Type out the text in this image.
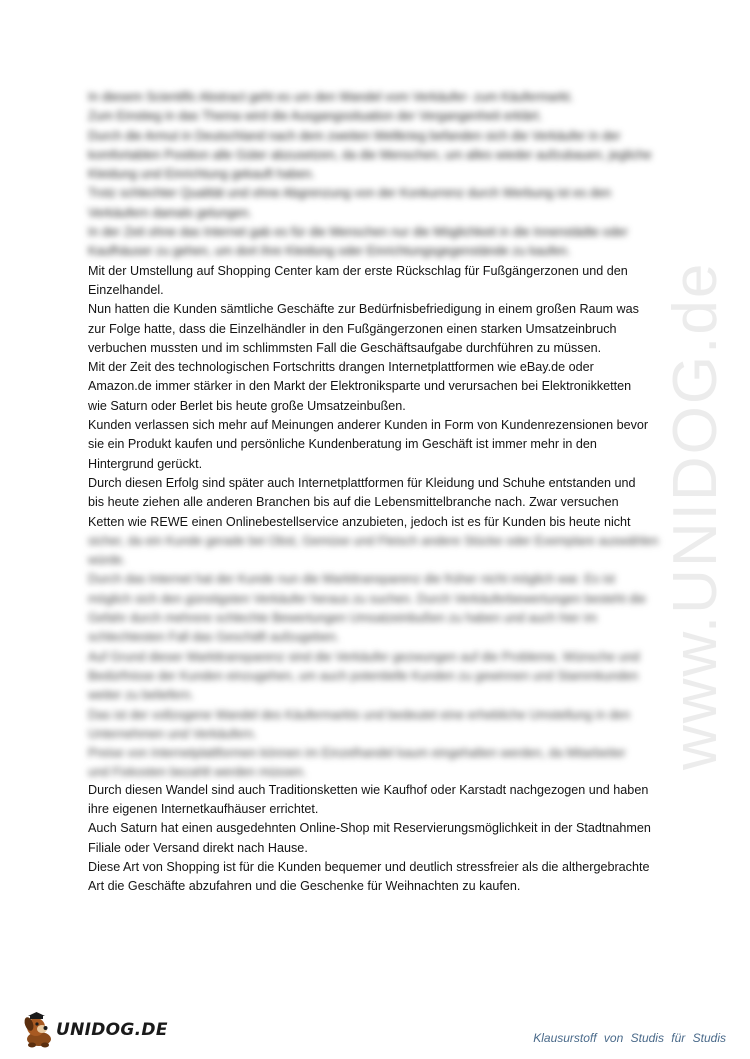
www.UNIDOG.de
In diesem Scientific Abstract geht es um den Wandel vom Verkäufer- zum Käufermarkt.
Zum Einstieg in das Thema wird die Ausgangssituation der Vergangenheit erklärt.
Durch die Armut in Deutschland nach dem zweiten Weltkrieg befanden sich die Verkäufer in der
komfortablen Position alle Güter abzusetzen, da die Menschen, um alles wieder aufzubauen, jegliche
Kleidung und Einrichtung gekauft haben.
Trotz schlechter Qualität und ohne Abgrenzung von der Konkurrenz durch Werbung ist es den
Verkäufern damals gelungen.
In der Zeit ohne das Internet gab es für die Menschen nur die Möglichkeit in die Innenstädte oder
Kaufhäuser zu gehen, um dort ihre Kleidung oder Einrichtungsgegenstände zu kaufen.
Mit der Umstellung auf Shopping Center kam der erste Rückschlag für Fußgängerzonen und den
Einzelhandel.
Nun hatten die Kunden sämtliche Geschäfte zur Bedürfnisbefriedigung in einem großen Raum was
zur Folge hatte, dass die Einzelhändler in den Fußgängerzonen einen starken Umsatzeinbruch
verbuchen mussten und im schlimmsten Fall die Geschäftsaufgabe durchführen zu müssen.
Mit der Zeit des technologischen Fortschritts drangen Internetplattformen wie eBay.de oder
Amazon.de immer stärker in den Markt der Elektroniksparte und verursachen bei Elektronikketten
wie Saturn oder Berlet bis heute große Umsatzeinbußen.
Kunden verlassen sich mehr auf Meinungen anderer Kunden in Form von Kundenrezensionen bevor
sie ein Produkt kaufen und persönliche Kundenberatung im Geschäft ist immer mehr in den
Hintergrund gerückt.
Durch diesen Erfolg sind später auch Internetplattformen für Kleidung und Schuhe entstanden und
bis heute ziehen alle anderen Branchen bis auf die Lebensmittelbranche nach. Zwar versuchen
Ketten wie REWE einen Onlinebestellservice anzubieten, jedoch ist es für Kunden bis heute nicht
sicher, da ein Kunde gerade bei Obst, Gemüse und Fleisch andere Stücke oder Exemplare auswählen
würde.
Durch das Internet hat der Kunde nun die Markttransparenz die früher nicht möglich war. Es ist
möglich sich den günstigsten Verkäufer heraus zu suchen. Durch Verkäuferbewertungen besteht die
Gefahr durch mehrere schlechte Bewertungen Umsatzeinbußen zu haben und auch hier im
schlechtesten Fall das Geschäft aufzugeben.
Auf Grund dieser Markttransparenz sind die Verkäufer gezwungen auf die Probleme, Wünsche und
Bedürfnisse der Kunden einzugehen, um auch potentielle Kunden zu gewinnen und Stammkunden
weiter zu beliefern.
Das ist der vollzogene Wandel des Käufermarkts und bedeutet eine erhebliche Umstellung in den
Unternehmen und Verkäufern.
Preise von Internetplattformen können im Einzelhandel kaum eingehalten werden, da Mitarbeiter
und Fixkosten bezahlt werden müssen.
Durch diesen Wandel sind auch Traditionsketten wie Kaufhof oder Karstadt nachgezogen und haben
ihre eigenen Internetkaufhäuser errichtet.
Auch Saturn hat einen ausgedehnten Online-Shop mit Reservierungsmöglichkeit in der Stadtnahmen
Filiale oder Versand direkt nach Hause.
Diese Art von Shopping ist für die Kunden bequemer und deutlich stressfreier als die althergebrachte
Art die Geschäfte abzufahren und die Geschenke für Weihnachten zu kaufen.
UNIDOG.DE	Klausurstoff von Studis für Studis
